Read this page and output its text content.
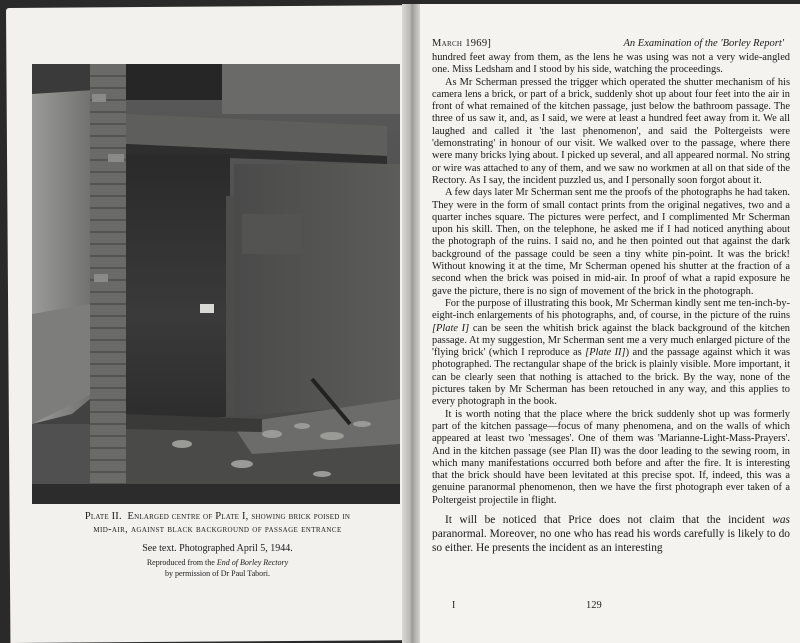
Plate II. Enlarged centre of Plate I, showing brick poised in
mid-air, against black background of passage entrance
See text. Photographed April 5, 1944.
Reproduced from the End of Borley Rectory
by permission of Dr Paul Tabori.
March 1969]	An Examination of the 'Borley Report'

hundred feet away from them, as the lens he was using was not a very wide-angled one. Miss Ledsham and I stood by his side, watching the proceedings.

As Mr Scherman pressed the trigger which operated the shutter mechanism of his camera lens a brick, or part of a brick, suddenly shot up about four feet into the air in front of what remained of the kitchen passage, just below the bathroom passage. The three of us saw it, and, as I said, we were at least a hundred feet away from it. We all laughed and called it 'the last phenomenon', and said the Poltergeists were 'demonstrating' in honour of our visit. We walked over to the passage, where there were many bricks lying about. I picked up several, and all appeared normal. No string or wire was attached to any of them, and we saw no workmen at all on that side of the Rectory. As I say, the incident puzzled us, and I personally soon forgot about it.

A few days later Mr Scherman sent me the proofs of the photographs he had taken. They were in the form of small contact prints from the original negatives, two and a quarter inches square. The pictures were perfect, and I complimented Mr Scherman upon his skill. Then, on the telephone, he asked me if I had noticed anything about the photograph of the ruins. I said no, and he then pointed out that against the dark background of the passage could be seen a tiny white pin-point. It was the brick! Without knowing it at the time, Mr Scherman opened his shutter at the fraction of a second when the brick was poised in mid-air. In proof of what a rapid exposure he gave the picture, there is no sign of movement of the brick in the photograph.

For the purpose of illustrating this book, Mr Scherman kindly sent me ten-inch-by-eight-inch enlargements of his photographs, and, of course, in the picture of the ruins [Plate I] can be seen the whitish brick against the black background of the kitchen passage. At my suggestion, Mr Scherman sent me a very much enlarged picture of the 'flying brick' (which I reproduce as [Plate II]) and the passage against which it was photographed. The rectangular shape of the brick is plainly visible. More important, it can be clearly seen that nothing is attached to the brick. By the way, none of the pictures taken by Mr Scherman has been retouched in any way, and this applies to every photograph in the book.

It is worth noting that the place where the brick suddenly shot up was formerly part of the kitchen passage—focus of many phenomena, and on the walls of which appeared at least two 'messages'. One of them was 'Marianne-Light-Mass-Prayers'. And in the kitchen passage (see Plan II) was the door leading to the sewing room, in which many manifestations occurred both before and after the fire. It is interesting that the brick should have been levitated at this precise spot. If, indeed, this was a genuine paranormal phenomenon, then we have the first photograph ever taken of a Poltergeist projectile in flight.

It will be noticed that Price does not claim that the incident was paranormal. Moreover, no one who has read his words carefully is likely to do so either. He presents the incident as an interesting

I	129
